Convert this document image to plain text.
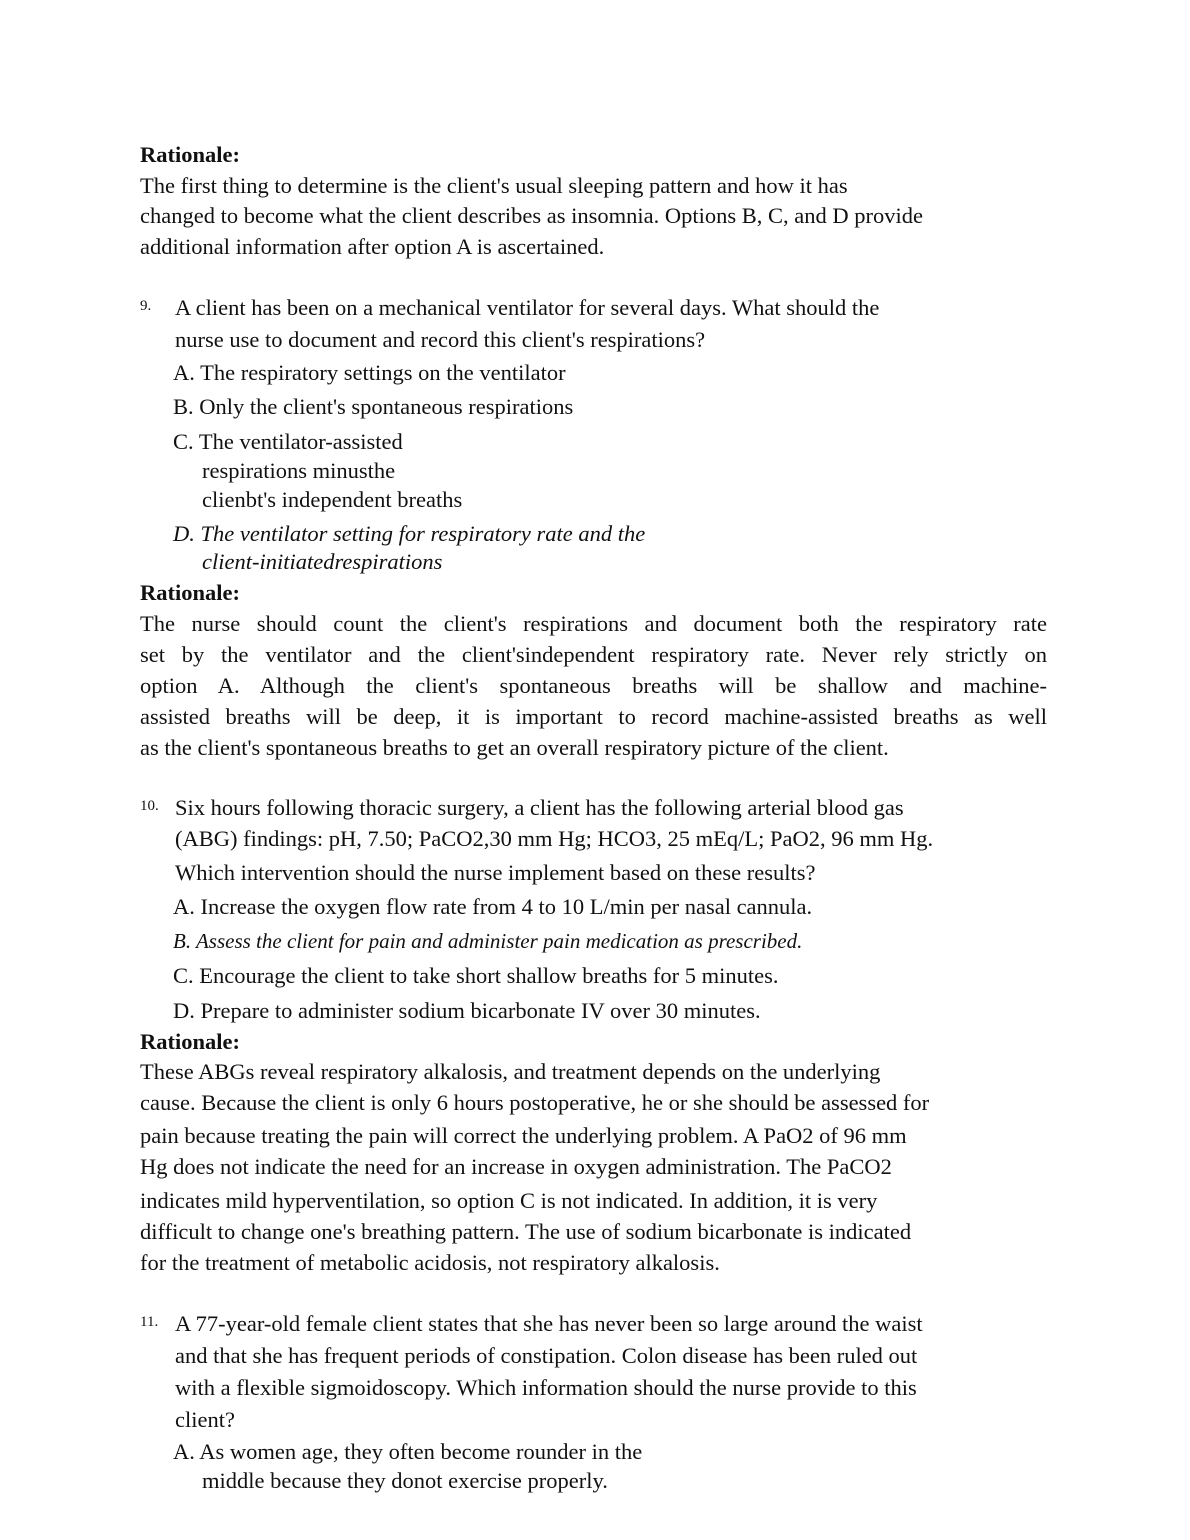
Rationale:
The first thing to determine is the client's usual sleeping pattern and how it has
changed to become what the client describes as insomnia. Options B, C, and D provide
additional information after option A is ascertained.
9. A client has been on a mechanical ventilator for several days. What should the
nurse use to document and record this client's respirations?
A. The respiratory settings on the ventilator
B. Only the client's spontaneous respirations
C. The ventilator-assisted
respirations minusthe
clienbt's independent breaths
D. The ventilator setting for respiratory rate and the
client-initiatedrespirations
Rationale:
The nurse should count the client's respirations and document both the respiratory rate
set by the ventilator and the client'sindependent respiratory rate. Never rely strictly on
option A. Although the client's spontaneous breaths will be shallow and machine-
assisted breaths will be deep, it is important to record machine-assisted breaths as well
as the client's spontaneous breaths to get an overall respiratory picture of the client.
10. Six hours following thoracic surgery, a client has the following arterial blood gas
(ABG) findings: pH, 7.50; PaCO2,30 mm Hg; HCO3, 25 mEq/L; PaO2, 96 mm Hg.
Which intervention should the nurse implement based on these results?
A. Increase the oxygen flow rate from 4 to 10 L/min per nasal cannula.
B. Assess the client for pain and administer pain medication as prescribed.
C. Encourage the client to take short shallow breaths for 5 minutes.
D. Prepare to administer sodium bicarbonate IV over 30 minutes.
Rationale:
These ABGs reveal respiratory alkalosis, and treatment depends on the underlying
cause. Because the client is only 6 hours postoperative, he or she should be assessed for
pain because treating the pain will correct the underlying problem. A PaO2 of 96 mm
Hg does not indicate the need for an increase in oxygen administration. The PaCO2
indicates mild hyperventilation, so option C is not indicated. In addition, it is very
difficult to change one's breathing pattern. The use of sodium bicarbonate is indicated
for the treatment of metabolic acidosis, not respiratory alkalosis.
11. A 77-year-old female client states that she has never been so large around the waist
and that she has frequent periods of constipation. Colon disease has been ruled out
with a flexible sigmoidoscopy. Which information should the nurse provide to this
client?
A. As women age, they often become rounder in the
middle because they donot exercise properly.
